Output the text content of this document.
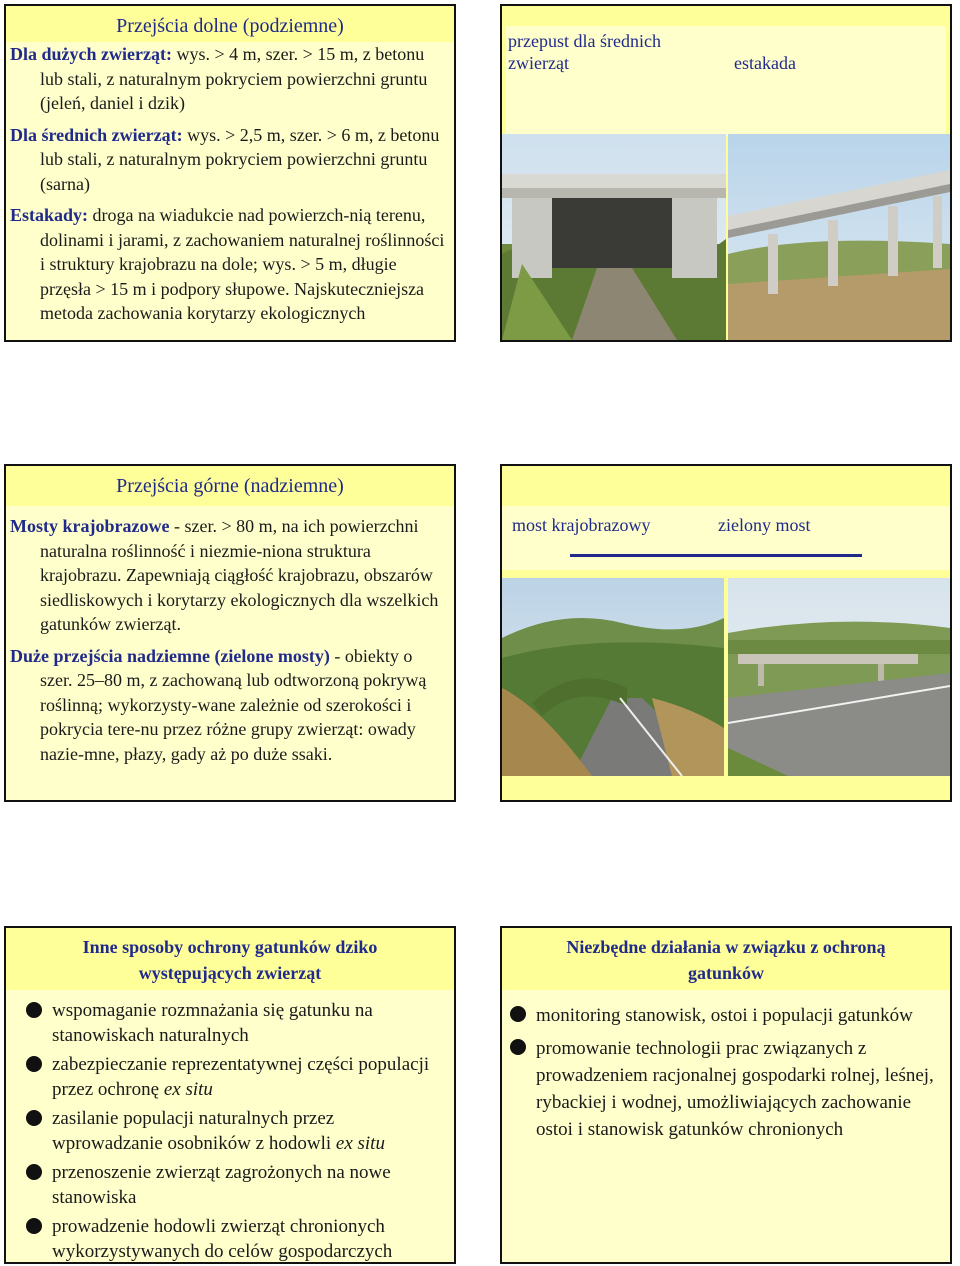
Przejścia dolne (podziemne)

Dla dużych zwierząt: wys. > 4 m, szer. > 15 m, z betonu lub stali, z naturalnym pokryciem powierzchni gruntu (jeleń, daniel i dzik)

Dla średnich zwierząt: wys. > 2,5 m, szer. > 6 m, z betonu lub stali, z naturalnym pokryciem powierzchni gruntu (sarna)

Estakady: droga na wiadukcie nad powierzch-nią terenu, dolinami i jarami, z zachowaniem naturalnej roślinności i struktury krajobrazu na dole; wys. > 5 m, długie przęsła > 15 m i podpory słupowe. Najskuteczniejsza metoda zachowania korytarzy ekologicznych

przepust dla średnich zwierząt	estakada
Przejścia górne (nadziemne)

Mosty krajobrazowe - szer. > 80 m, na ich powierzchni naturalna roślinność i niezmie-niona struktura krajobrazu. Zapewniają ciągłość krajobrazu, obszarów siedliskowych i korytarzy ekologicznych dla wszelkich gatunków zwierząt.

Duże przejścia nadziemne (zielone mosty) - obiekty o szer. 25–80 m, z zachowaną lub odtworzoną pokrywą roślinną; wykorzysty-wane zależnie od szerokości i pokrycia tere-nu przez różne grupy zwierząt: owady nazie-mne, płazy, gady aż po duże ssaki.

most krajobrazowy	zielony most
Inne sposoby ochrony gatunków dziko występujących zwierząt
wspomaganie rozmnażania się gatunku na stanowiskach naturalnych
zabezpieczanie reprezentatywnej części populacji przez ochronę ex situ
zasilanie populacji naturalnych przez wprowadzanie osobników z hodowli ex situ
przenoszenie zwierząt zagrożonych na nowe stanowiska
prowadzenie hodowli zwierząt chronionych wykorzystywanych do celów gospodarczych
Niezbędne działania w związku z ochroną gatunków
monitoring stanowisk, ostoi i populacji gatunków
promowanie technologii prac związanych z prowadzeniem racjonalnej gospodarki rolnej, leśnej, rybackiej i wodnej, umożliwiających zachowanie ostoi i stanowisk gatunków chronionych
